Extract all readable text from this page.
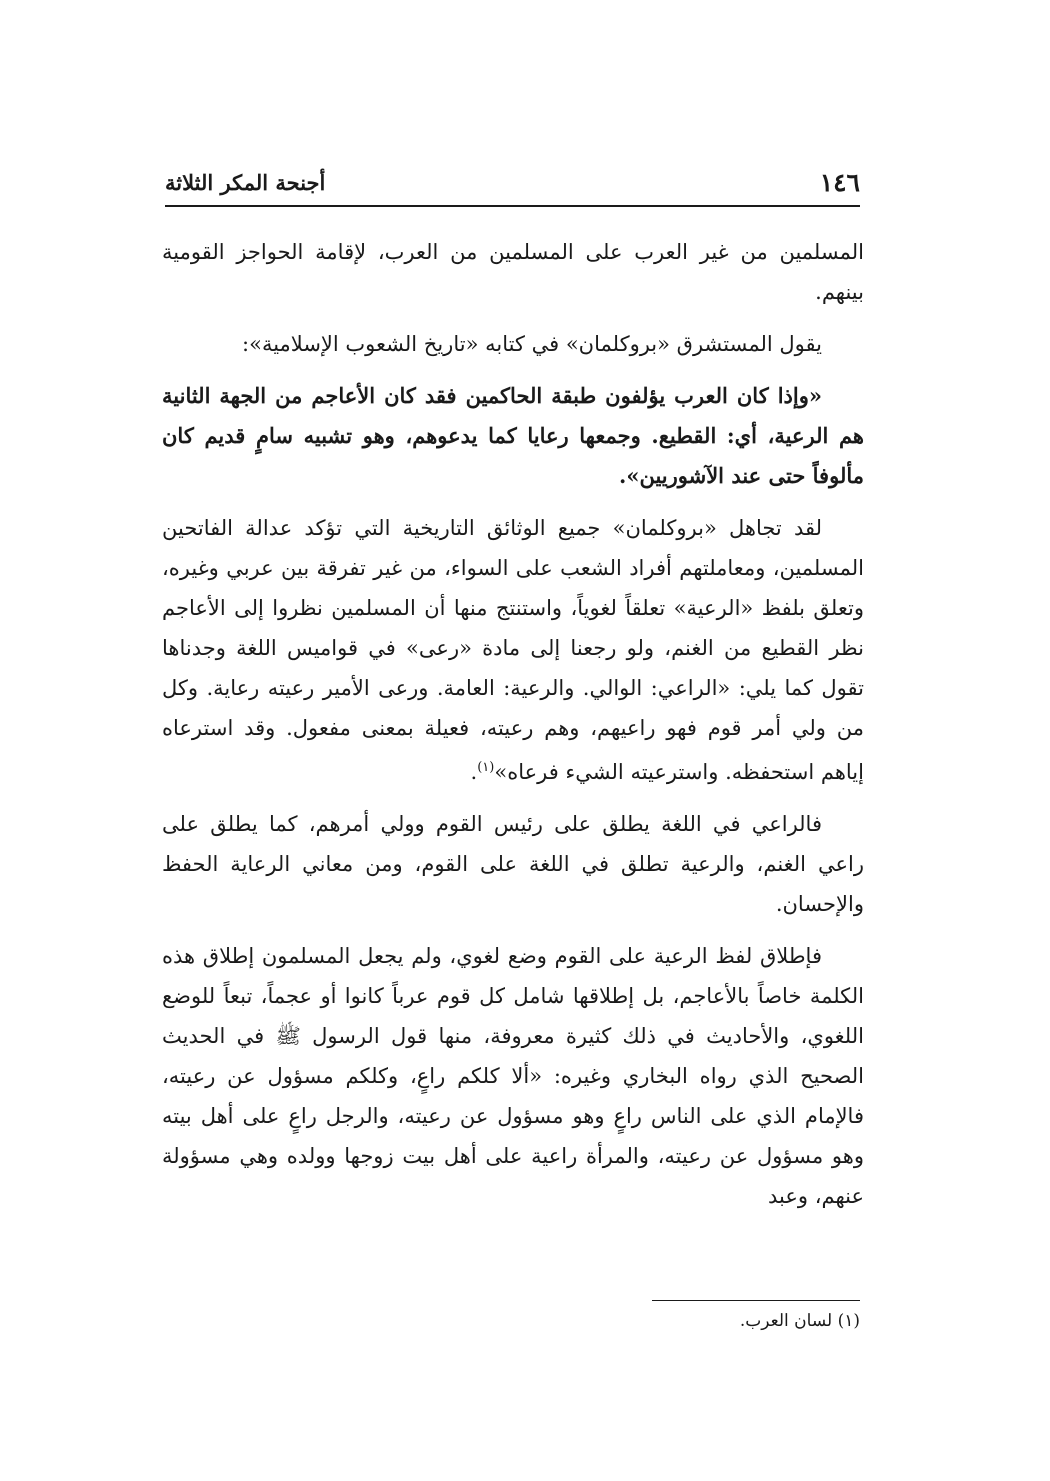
١٤٦
أجنحة المكر الثلاثة

المسلمين من غير العرب على المسلمين من العرب، لإقامة الحواجز القومية بينهم.

يقول المستشرق «بروكلمان» في كتابه «تاريخ الشعوب الإسلامية»:

«وإذا كان العرب يؤلفون طبقة الحاكمين فقد كان الأعاجم من الجهة الثانية هم الرعية، أي: القطيع. وجمعها رعايا كما يدعوهم، وهو تشبيه سامٍ قديم كان مألوفاً حتى عند الآشوريين».

لقد تجاهل «بروكلمان» جميع الوثائق التاريخية التي تؤكد عدالة الفاتحين المسلمين، ومعاملتهم أفراد الشعب على السواء، من غير تفرقة بين عربي وغيره، وتعلق بلفظ «الرعية» تعلقاً لغوياً، واستنتج منها أن المسلمين نظروا إلى الأعاجم نظر القطيع من الغنم، ولو رجعنا إلى مادة «رعى» في قواميس اللغة وجدناها تقول كما يلي: «الراعي: الوالي. والرعية: العامة. ورعى الأمير رعيته رعاية. وكل من ولي أمر قوم فهو راعيهم، وهم رعيته، فعيلة بمعنى مفعول. وقد استرعاه إياهم استحفظه. واسترعيته الشيء فرعاه»$^{(١)}$.

فالراعي في اللغة يطلق على رئيس القوم وولي أمرهم، كما يطلق على راعي الغنم، والرعية تطلق في اللغة على القوم، ومن معاني الرعاية الحفظ والإحسان.

فإطلاق لفظ الرعية على القوم وضع لغوي، ولم يجعل المسلمون إطلاق هذه الكلمة خاصاً بالأعاجم، بل إطلاقها شامل كل قوم عرباً كانوا أو عجماً، تبعاً للوضع اللغوي، والأحاديث في ذلك كثيرة معروفة، منها قول الرسول ﷺ في الحديث الصحيح الذي رواه البخاري وغيره: «ألا كلكم راعٍ، وكلكم مسؤول عن رعيته، فالإمام الذي على الناس راعٍ وهو مسؤول عن رعيته، والرجل راعٍ على أهل بيته وهو مسؤول عن رعيته، والمرأة راعية على أهل بيت زوجها وولده وهي مسؤولة عنهم، وعبد

(١) لسان العرب.
